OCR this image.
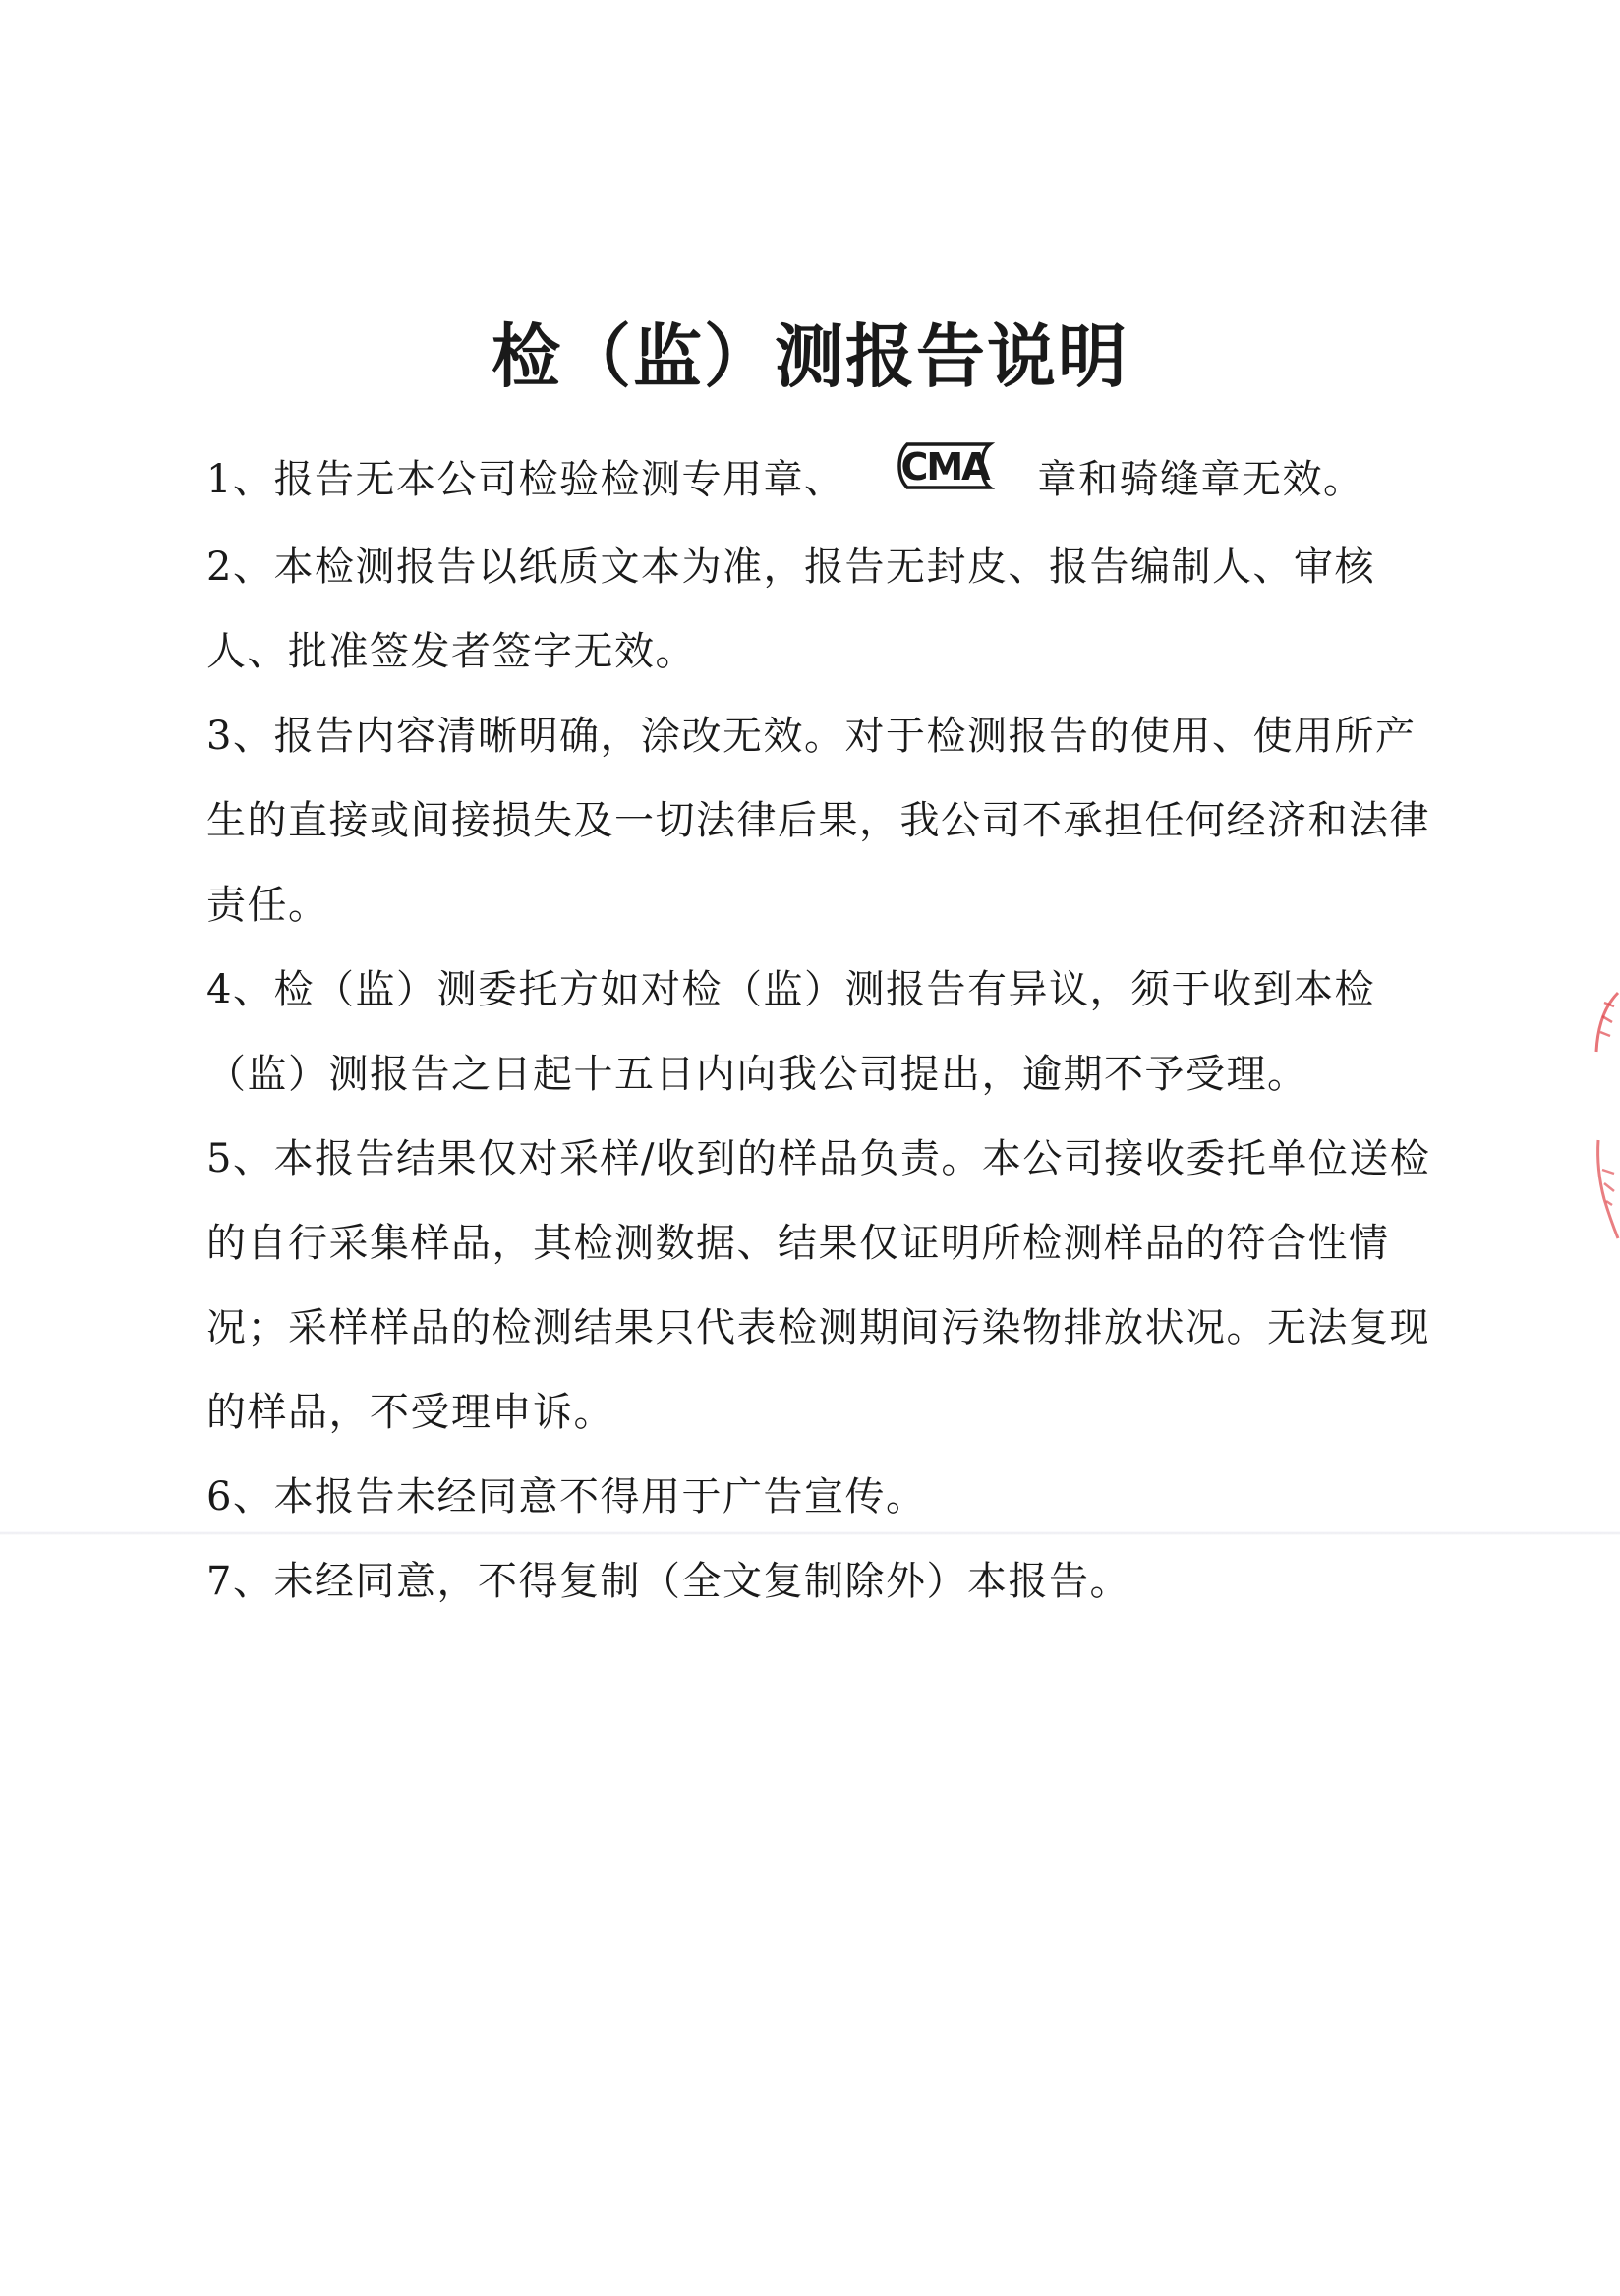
检（监）测报告说明

1、报告无本公司检验检测专用章、 CMA 章和骑缝章无效。

2、本检测报告以纸质文本为准，报告无封皮、报告编制人、审核人、批准签发者签字无效。

3、报告内容清晰明确，涂改无效。对于检测报告的使用、使用所产生的直接或间接损失及一切法律后果，我公司不承担任何经济和法律责任。

4、检（监）测委托方如对检（监）测报告有异议，须于收到本检（监）测报告之日起十五日内向我公司提出，逾期不予受理。

5、本报告结果仅对采样/收到的样品负责。本公司接收委托单位送检的自行采集样品，其检测数据、结果仅证明所检测样品的符合性情况；采样样品的检测结果只代表检测期间污染物排放状况。无法复现的样品，不受理申诉。

6、本报告未经同意不得用于广告宣传。

7、未经同意，不得复制（全文复制除外）本报告。
